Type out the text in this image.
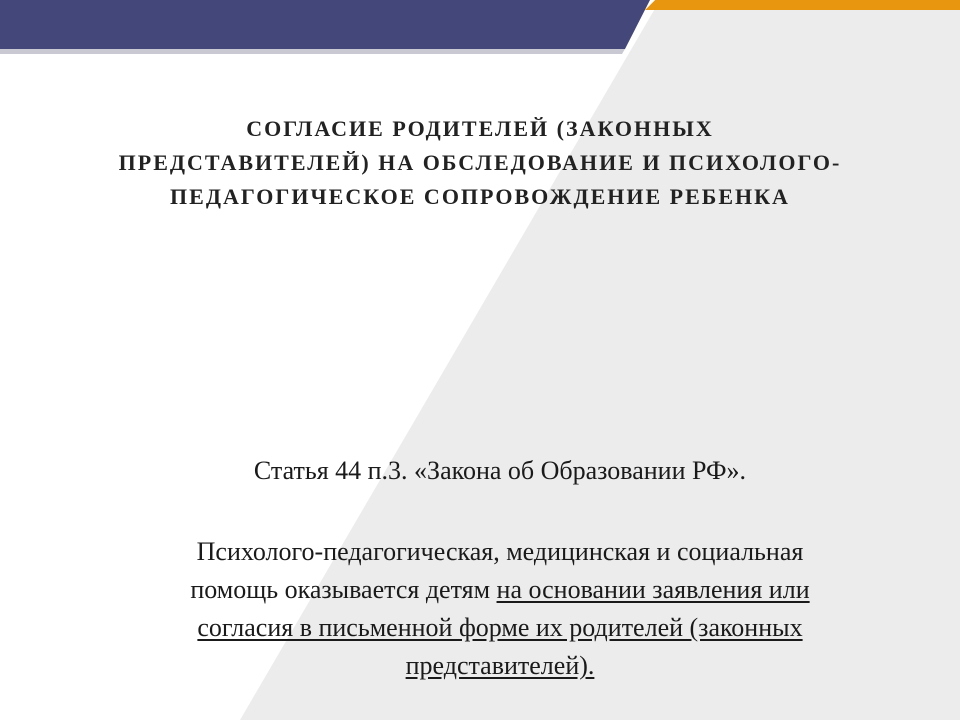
СОГЛАСИЕ РОДИТЕЛЕЙ (ЗАКОННЫХ
ПРЕДСТАВИТЕЛЕЙ) НА ОБСЛЕДОВАНИЕ И ПСИХОЛОГО-
ПЕДАГОГИЧЕСКОЕ СОПРОВОЖДЕНИЕ РЕБЕНКА
Статья 44 п.3. «Закона об Образовании РФ».
Психолого-педагогическая, медицинская и социальная
помощь оказывается детям на основании заявления или
согласия в письменной форме их родителей (законных
представителей).
